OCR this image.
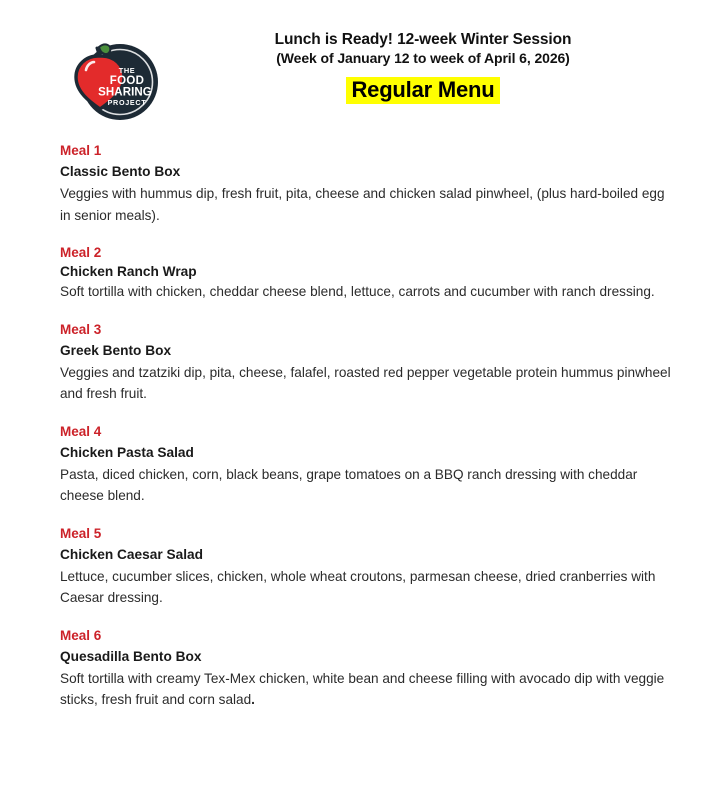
THE
FOOD
SHARING
PROJECT
Lunch is Ready! 12-week Winter Session
(Week of January 12 to week of April 6, 2026)
Regular Menu
Meal 1
Classic Bento Box
Veggies with hummus dip, fresh fruit, pita, cheese and chicken salad pinwheel, (plus hard-boiled egg in senior meals).
Meal 2
Chicken Ranch Wrap
Soft tortilla with chicken, cheddar cheese blend, lettuce, carrots and cucumber with ranch dressing.
Meal 3
Greek Bento Box
Veggies and tzatziki dip, pita, cheese, falafel, roasted red pepper vegetable protein hummus pinwheel and fresh fruit.
Meal 4
Chicken Pasta Salad
Pasta, diced chicken, corn, black beans, grape tomatoes on a BBQ ranch dressing with cheddar cheese blend.
Meal 5
Chicken Caesar Salad
Lettuce, cucumber slices, chicken, whole wheat croutons, parmesan cheese, dried cranberries with Caesar dressing.
Meal 6
Quesadilla Bento Box
Soft tortilla with creamy Tex-Mex chicken, white bean and cheese filling with avocado dip with veggie sticks, fresh fruit and corn salad.
